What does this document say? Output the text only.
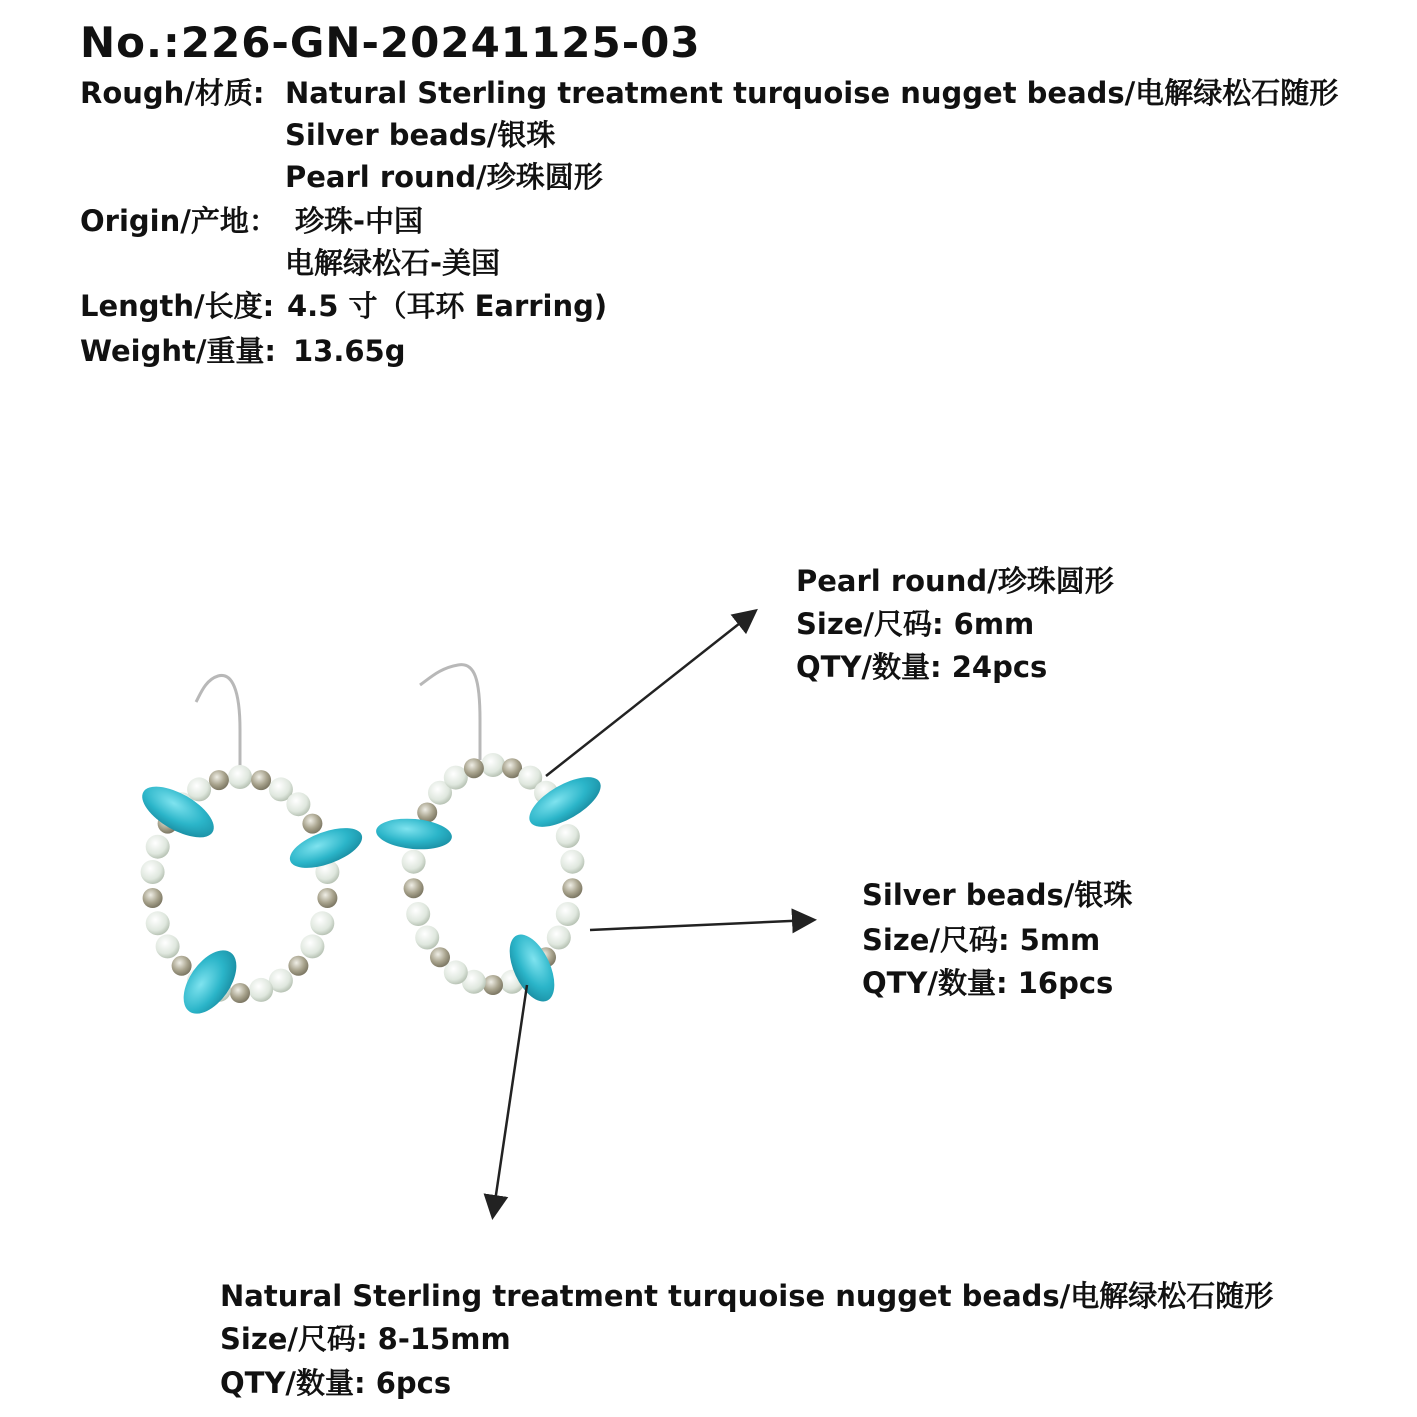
No.:226-GN-20241125-03
Rough/材质: Natural Sterling treatment turquoise nugget beads/电解绿松石随形
Silver beads/银珠
Pearl round/珍珠圆形
Origin/产地： 珍珠-中国
电解绿松石-美国
Length/长度: 4.5 寸（耳环 Earring)
Weight/重量: 13.65g
Pearl round/珍珠圆形
Size/尺码: 6mm
QTY/数量: 24pcs
Silver beads/银珠
Size/尺码: 5mm
QTY/数量: 16pcs
Natural Sterling treatment turquoise nugget beads/电解绿松石随形
Size/尺码: 8-15mm
QTY/数量: 6pcs
